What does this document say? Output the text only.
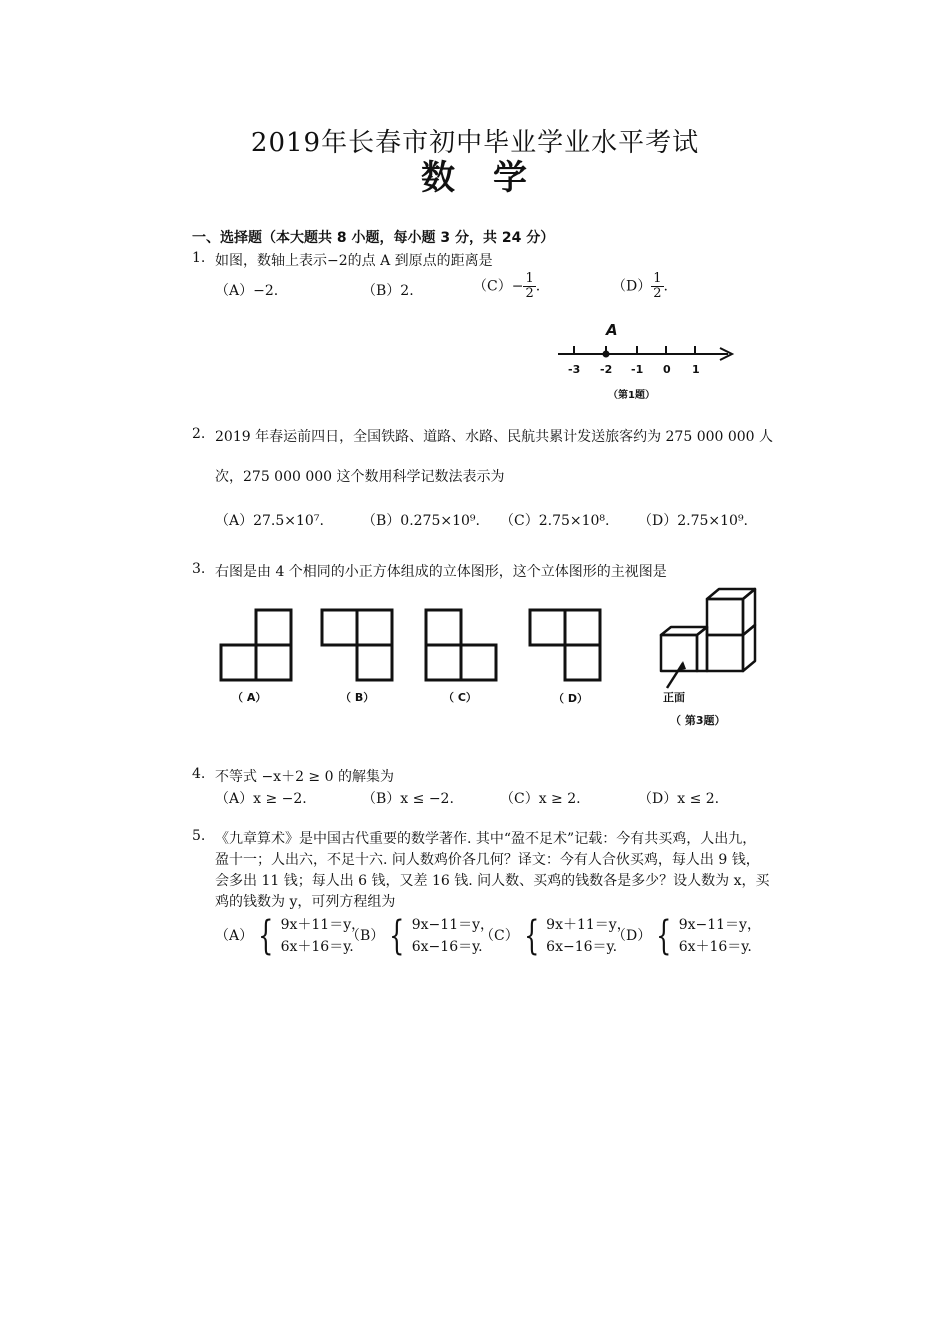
2019年长春市初中毕业学业水平考试
数　学
一、选择题（本大题共 8 小题，每小题 3 分，共 24 分）
1. 如图，数轴上表示−2的点 A 到原点的距离是
（A）−2.	（B）2.	$(C)- \frac{1}{2}$ .	$(D) \frac{1}{2}$ .
A
-3 -2 -1 0 1
（第1题）
2. 2019 年春运前四日，全国铁路、道路、水路、民航共累计发送旅客约为 275 000 000 人
次，275 000 000 这个数用科学记数法表示为
（A）27.5×10⁷.	（B）0.275×10⁹. （C）2.75×10⁸. （D）2.75×10⁹.
3. 右图是由 4 个相同的小正方体组成的立体图形，这个立体图形的主视图是
（ A）	（ B）	（ C）	（ D）	正面
（ 第3题）
4. 不等式 −x＋2 ≥ 0 的解集为
（A）x ≥ −2.	（B）x ≤ −2.	（C）x ≥ 2.	（D）x ≤ 2.
5. 《九章算术》是中国古代重要的数学著作. 其中“盈不足术”记载：今有共买鸡，人出九，
盈十一；人出六，不足十六. 问人数鸡价各几何？译文：今有人合伙买鸡，每人出 9 钱，
会多出 11 钱；每人出 6 钱，又差 16 钱. 问人数、买鸡的钱数各是多少？设人数为 x，买
鸡的钱数为 y，可列方程组为
（A） { 9x＋11＝y，
6x＋16＝y.
（B） { 9x−11＝y，
6x−16＝y.
（C） { 9x＋11＝y，
6x−16＝y.
（D） { 9x−11＝y，
6x＋16＝y.
